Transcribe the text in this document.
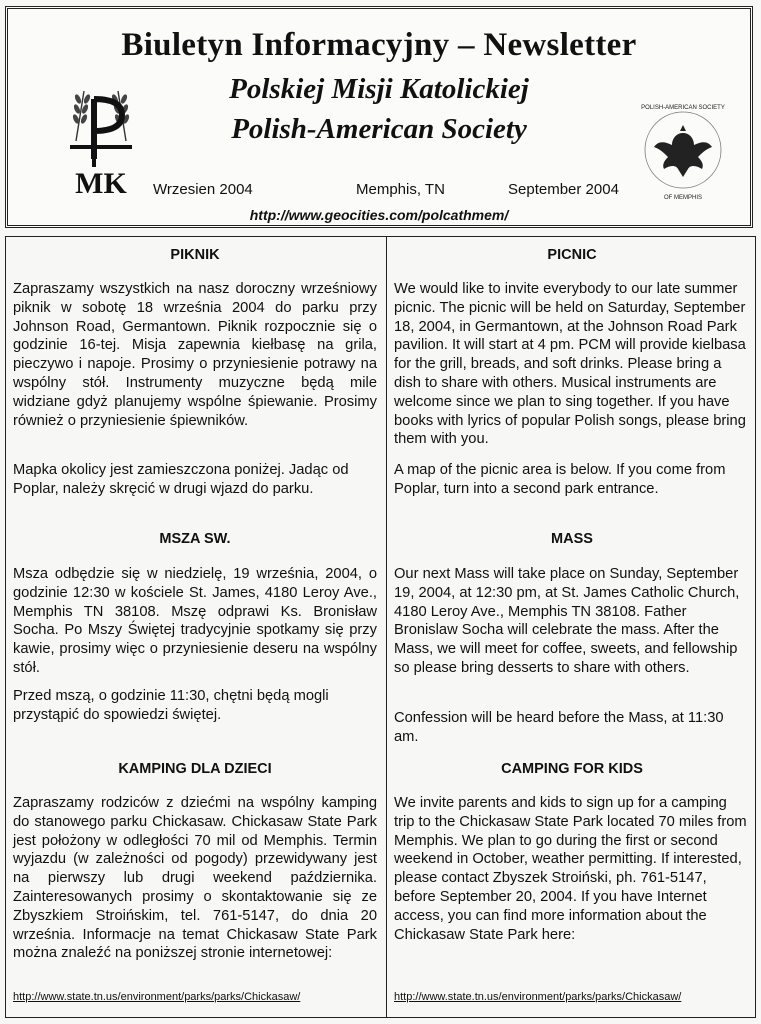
Biuletyn Informacyjny – Newsletter
Polskiej Misji Katolickiej
Polish-American Society
MK
POLISH-AMERICAN SOCIETY
OF MEMPHIS
Wrzesien 2004	Memphis, TN	September 2004
http://www.geocities.com/polcathmem/
PIKNIK
Zapraszamy wszystkich na nasz doroczny wrześniowy piknik w sobotę 18 września 2004 do parku przy Johnson Road, Germantown. Piknik rozpocznie się o godzinie 16-tej. Misja zapewnia kiełbasę na grila, pieczywo i napoje. Prosimy o przyniesienie potrawy na wspólny stół. Instrumenty muzyczne będą mile widziane gdyż planujemy wspólne śpiewanie. Prosimy również o przyniesienie śpiewników.
Mapka okolicy jest zamieszczona poniżej. Jadąc od Poplar, należy skręcić w drugi wjazd do parku.
MSZA SW.
Msza odbędzie się w niedzielę, 19 września, 2004, o godzinie 12:30 w kościele St. James, 4180 Leroy Ave., Memphis TN 38108. Mszę odprawi Ks. Bronisław Socha. Po Mszy Świętej tradycyjnie spotkamy się przy kawie, prosimy więc o przyniesienie deseru na wspólny stół.
Przed mszą, o godzinie 11:30, chętni będą mogli przystąpić do spowiedzi świętej.
KAMPING DLA DZIECI
Zapraszamy rodziców z dziećmi na wspólny kamping do stanowego parku Chickasaw. Chickasaw State Park jest położony w odległości 70 mil od Memphis. Termin wyjazdu (w zależności od pogody) przewidywany jest na pierwszy lub drugi weekend października. Zainteresowanych prosimy o skontaktowanie się ze Zbyszkiem Stroińskim, tel. 761-5147, do dnia 20 września. Informacje na temat Chickasaw State Park można znaleźć na poniższej stronie internetowej:
http://www.state.tn.us/environment/parks/parks/Chickasaw/
PICNIC
We would like to invite everybody to our late summer picnic. The picnic will be held on Saturday, September 18, 2004, in Germantown, at the Johnson Road Park pavilion. It will start at 4 pm. PCM will provide kielbasa for the grill, breads, and soft drinks. Please bring a dish to share with others. Musical instruments are welcome since we plan to sing together. If you have books with lyrics of popular Polish songs, please bring them with you.
A map of the picnic area is below. If you come from Poplar, turn into a second park entrance.
MASS
Our next Mass will take place on Sunday, September 19, 2004, at 12:30 pm, at St. James Catholic Church, 4180 Leroy Ave., Memphis TN 38108. Father Bronislaw Socha will celebrate the mass. After the Mass, we will meet for coffee, sweets, and fellowship so please bring desserts to share with others.
Confession will be heard before the Mass, at 11:30 am.
CAMPING FOR KIDS
We invite parents and kids to sign up for a camping trip to the Chickasaw State Park located 70 miles from Memphis. We plan to go during the first or second weekend in October, weather permitting. If interested, please contact Zbyszek Stroiński, ph. 761-5147, before September 20, 2004. If you have Internet access, you can find more information about the Chickasaw State Park here:
http://www.state.tn.us/environment/parks/parks/Chickasaw/
